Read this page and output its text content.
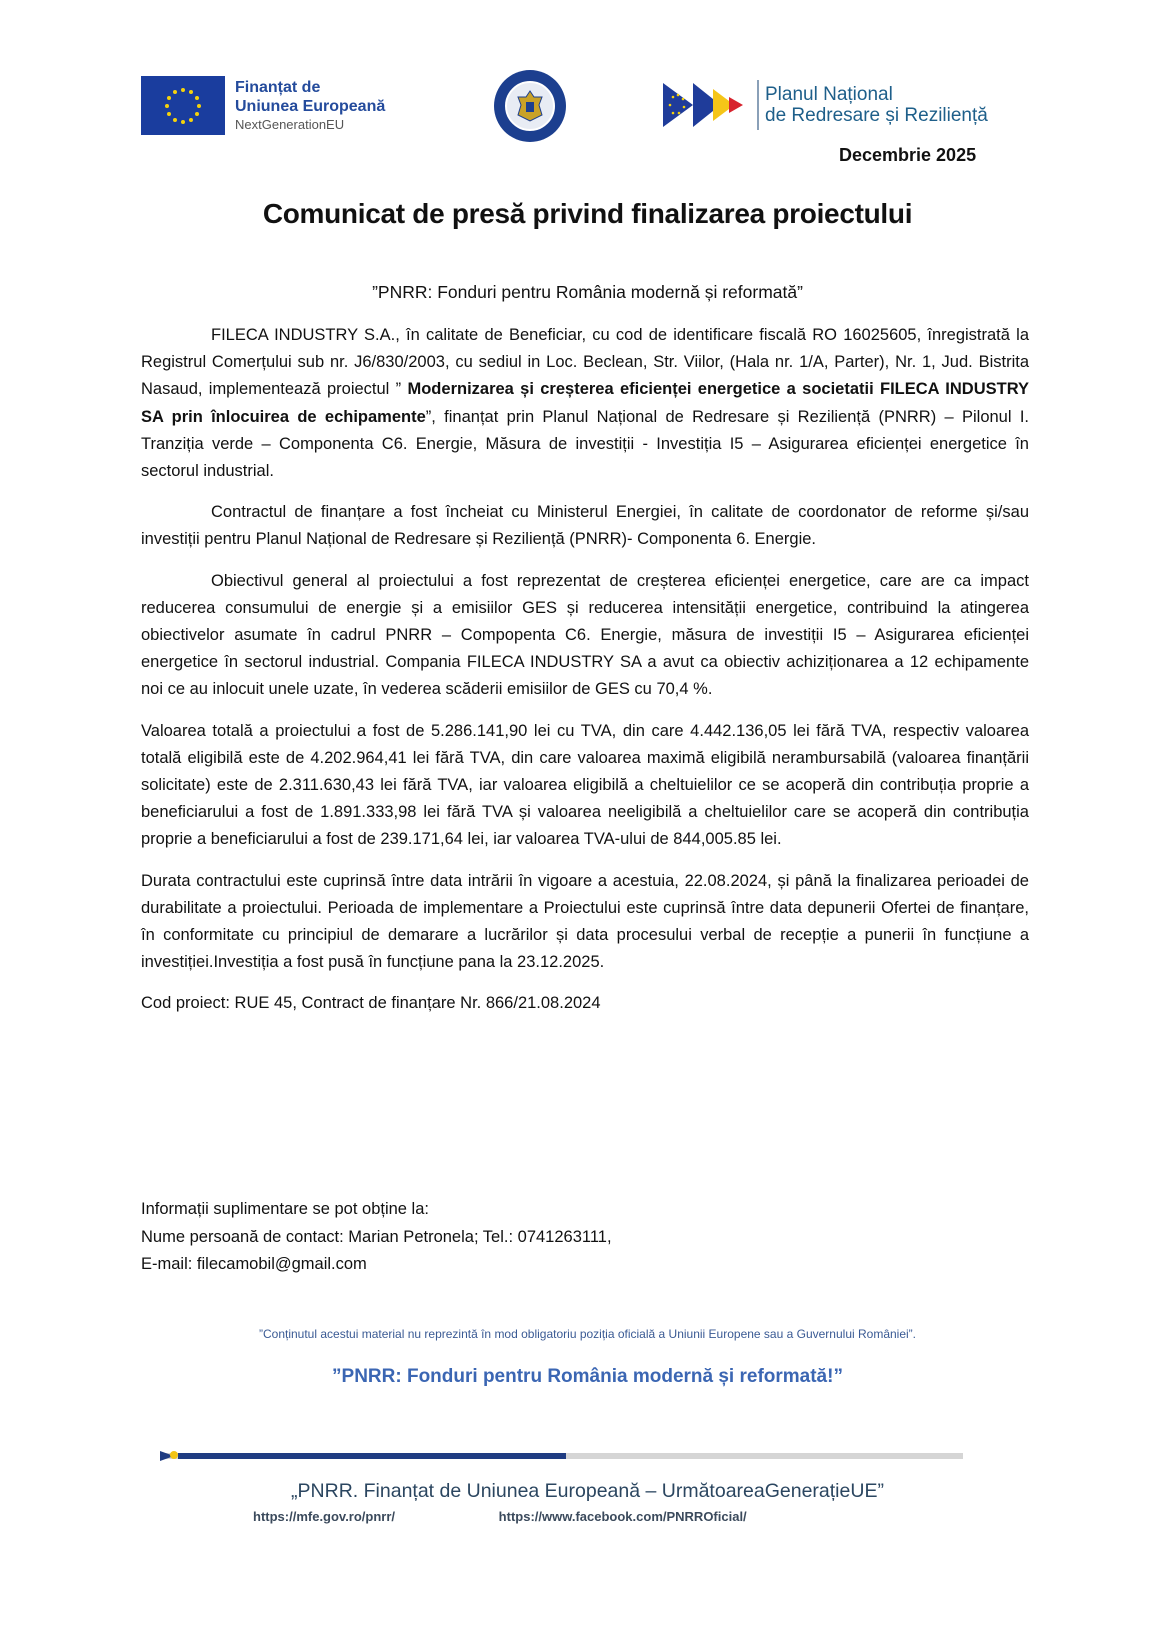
Finanțat de
Uniunea Europeană
NextGenerationEU
Planul Național
de Redresare și Reziliență
Decembrie 2025
Comunicat de presă privind finalizarea proiectului
”PNRR: Fonduri pentru România modernă și reformată”

FILECA INDUSTRY S.A., în calitate de Beneficiar, cu cod de identificare fiscală RO 16025605, înregistrată la Registrul Comerțului sub nr. J6/830/2003, cu sediul in Loc. Beclean, Str. Viilor, (Hala nr. 1/A, Parter), Nr. 1, Jud. Bistrita Nasaud, implementează proiectul ” Modernizarea și creșterea eficienței energetice a societatii FILECA INDUSTRY SA prin înlocuirea de echipamente”, finanțat prin Planul Național de Redresare și Reziliență (PNRR) – Pilonul I. Tranziția verde – Componenta C6. Energie, Măsura de investiții - Investiția I5 – Asigurarea eficienței energetice în sectorul industrial.

Contractul de finanțare a fost încheiat cu Ministerul Energiei, în calitate de coordonator de reforme și/sau investiții pentru Planul Național de Redresare și Reziliență (PNRR)- Componenta 6. Energie.

Obiectivul general al proiectului a fost reprezentat de creșterea eficienței energetice, care are ca impact reducerea consumului de energie și a emisiilor GES și reducerea intensității energetice, contribuind la atingerea obiectivelor asumate în cadrul PNRR – Compopenta C6. Energie, măsura de investiții I5 – Asigurarea eficienței energetice în sectorul industrial. Compania FILECA INDUSTRY SA a avut ca obiectiv achiziționarea a 12 echipamente noi ce au inlocuit unele uzate, în vederea scăderii emisiilor de GES cu 70,4 %.

Valoarea totală a proiectului a fost de 5.286.141,90 lei cu TVA, din care 4.442.136,05 lei fără TVA, respectiv valoarea totală eligibilă este de 4.202.964,41 lei fără TVA, din care valoarea maximă eligibilă nerambursabilă (valoarea finanțării solicitate) este de 2.311.630,43 lei fără TVA, iar valoarea eligibilă a cheltuielilor ce se acoperă din contribuția proprie a beneficiarului a fost de 1.891.333,98 lei fără TVA și valoarea neeligibilă a cheltuielilor care se acoperă din contribuția proprie a beneficiarului a fost de 239.171,64 lei, iar valoarea TVA-ului de 844,005.85 lei.

Durata contractului este cuprinsă între data intrării în vigoare a acestuia, 22.08.2024, și până la finalizarea perioadei de durabilitate a proiectului. Perioada de implementare a Proiectului este cuprinsă între data depunerii Ofertei de finanțare, în conformitate cu principiul de demarare a lucrărilor și data procesului verbal de recepție a punerii în funcțiune a investiției.Investiția a fost pusă în funcțiune pana la 23.12.2025.

Cod proiect: RUE 45, Contract de finanțare Nr. 866/21.08.2024

Informații suplimentare se pot obține la:
Nume persoană de contact: Marian Petronela; Tel.: 0741263111,
E-mail: filecamobil@gmail.com
”Conținutul acestui material nu reprezintă în mod obligatoriu poziția oficială a Uniunii Europene sau a Guvernului României”.
”PNRR: Fonduri pentru România modernă și reformată!”
„PNRR. Finanțat de Uniunea Europeană – UrmătoareaGenerațieUE”
https://mfe.gov.ro/pnrr/	https://www.facebook.com/PNRROficial/
